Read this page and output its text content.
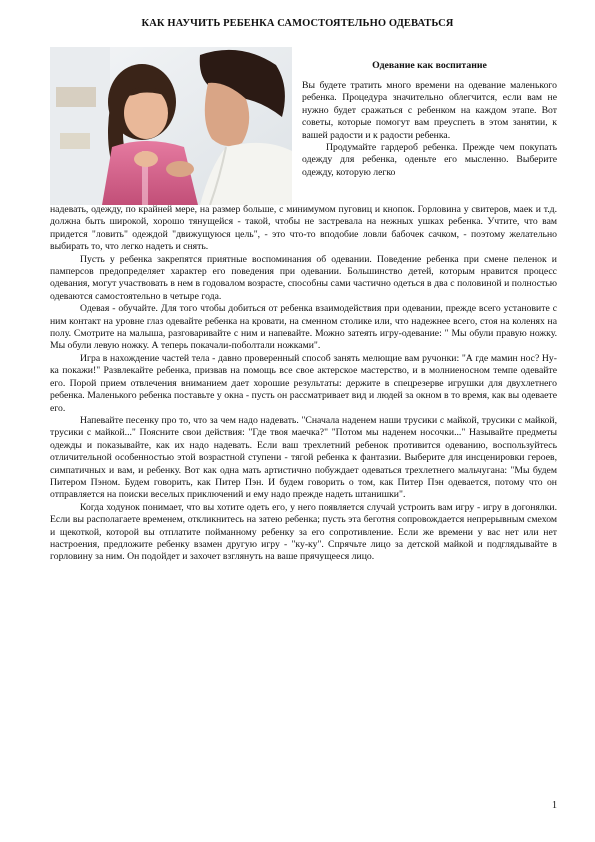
КАК НАУЧИТЬ РЕБЕНКА САМОСТОЯТЕЛЬНО ОДЕВАТЬСЯ
Одевание как воспитание

Вы будете тратить много времени на одевание маленького ребенка. Процедура значительно облегчится, если вам не нужно будет сражаться с ребенком на каждом этапе. Вот советы, которые помогут вам преуспеть в этом занятии, к вашей радости и к радости ребенка.

Продумайте гардероб ребенка. Прежде чем покупать одежду для ребенка, оденьте его мысленно. Выберите одежду, которую легко

надевать, одежду, по крайней мере, на размер больше, с минимумом пуговиц и кнопок. Горловина у свитеров, маек и т.д. должна быть широкой, хорошо тянущейся - такой, чтобы не застревала на нежных ушках ребенка. Учтите, что вам придется "ловить" одеждой "движущуюся цель", - это что-то вподобие ловли бабочек сачком, - поэтому желательно выбирать то, что легко надеть и снять.

Пусть у ребенка закрепятся приятные воспоминания об одевании. Поведение ребенка при смене пеленок и памперсов предопределяет характер его поведения при одевании. Большинство детей, которым нравится процесс одевания, могут участвовать в нем в годовалом возрасте, способны сами частично одеться в два с половиной и полностью одеваются самостоятельно в четыре года.

Одевая - обучайте. Для того чтобы добиться от ребенка взаимодействия при одевании, прежде всего установите с ним контакт на уровне глаз одевайте ребенка на кровати, на сменном столике или, что надежнее всего, стоя на коленях на полу. Смотрите на малыша, разговаривайте с ним и напевайте. Можно затеять игру-одевание: " Мы обули правую ножку. Мы обули левую ножку. А теперь покачали-поболтали ножками".

Игра в нахождение частей тела - давно проверенный способ занять мелющие вам ручонки: "А где мамин нос? Ну-ка покажи!" Развлекайте ребенка, призвав на помощь все свое актерское мастерство, и в молниеносном темпе одевайте его. Порой прием отвлечения вниманием дает хорошие результаты: держите в спецрезерве игрушки для двухлетнего ребенка. Маленького ребенка поставьте у окна - пусть он рассматривает вид и людей за окном в то время, как вы одеваете его.

Напевайте песенку про то, что за чем надо надевать. "Сначала наденем наши трусики с майкой, трусики с майкой, трусики с майкой..." Поясните свои действия: "Где твоя маечка?" "Потом мы наденем носочки..." Называйте предметы одежды и показывайте, как их надо надевать. Если ваш трехлетний ребенок противится одеванию, воспользуйтесь отличительной особенностью этой возрастной ступени - тягой ребенка к фантазии. Выберите для инсценировки героев, симпатичных и вам, и ребенку. Вот как одна мать артистично побуждает одеваться трехлетнего мальчугана: "Мы будем Питером Пэном. Будем говорить, как Питер Пэн. И будем говорить о том, как Питер Пэн одевается, потому что он отправляется на поиски веселых приключений и ему надо прежде надеть штанишки".

Когда ходунок понимает, что вы хотите одеть его, у него появляется случай устроить вам игру - игру в догонялки. Если вы располагаете временем, откликнитесь на затею ребенка; пусть эта беготня сопровождается непрерывным смехом и щекоткой, которой вы отплатите пойманному ребенку за его сопротивление. Если же времени у вас нет или нет настроения, предложите ребенку взамен другую игру - "ку-ку". Спрячьте лицо за детской майкой и подглядывайте в горловину за ним. Он подойдет и захочет взглянуть на ваше прячущееся лицо.

1
